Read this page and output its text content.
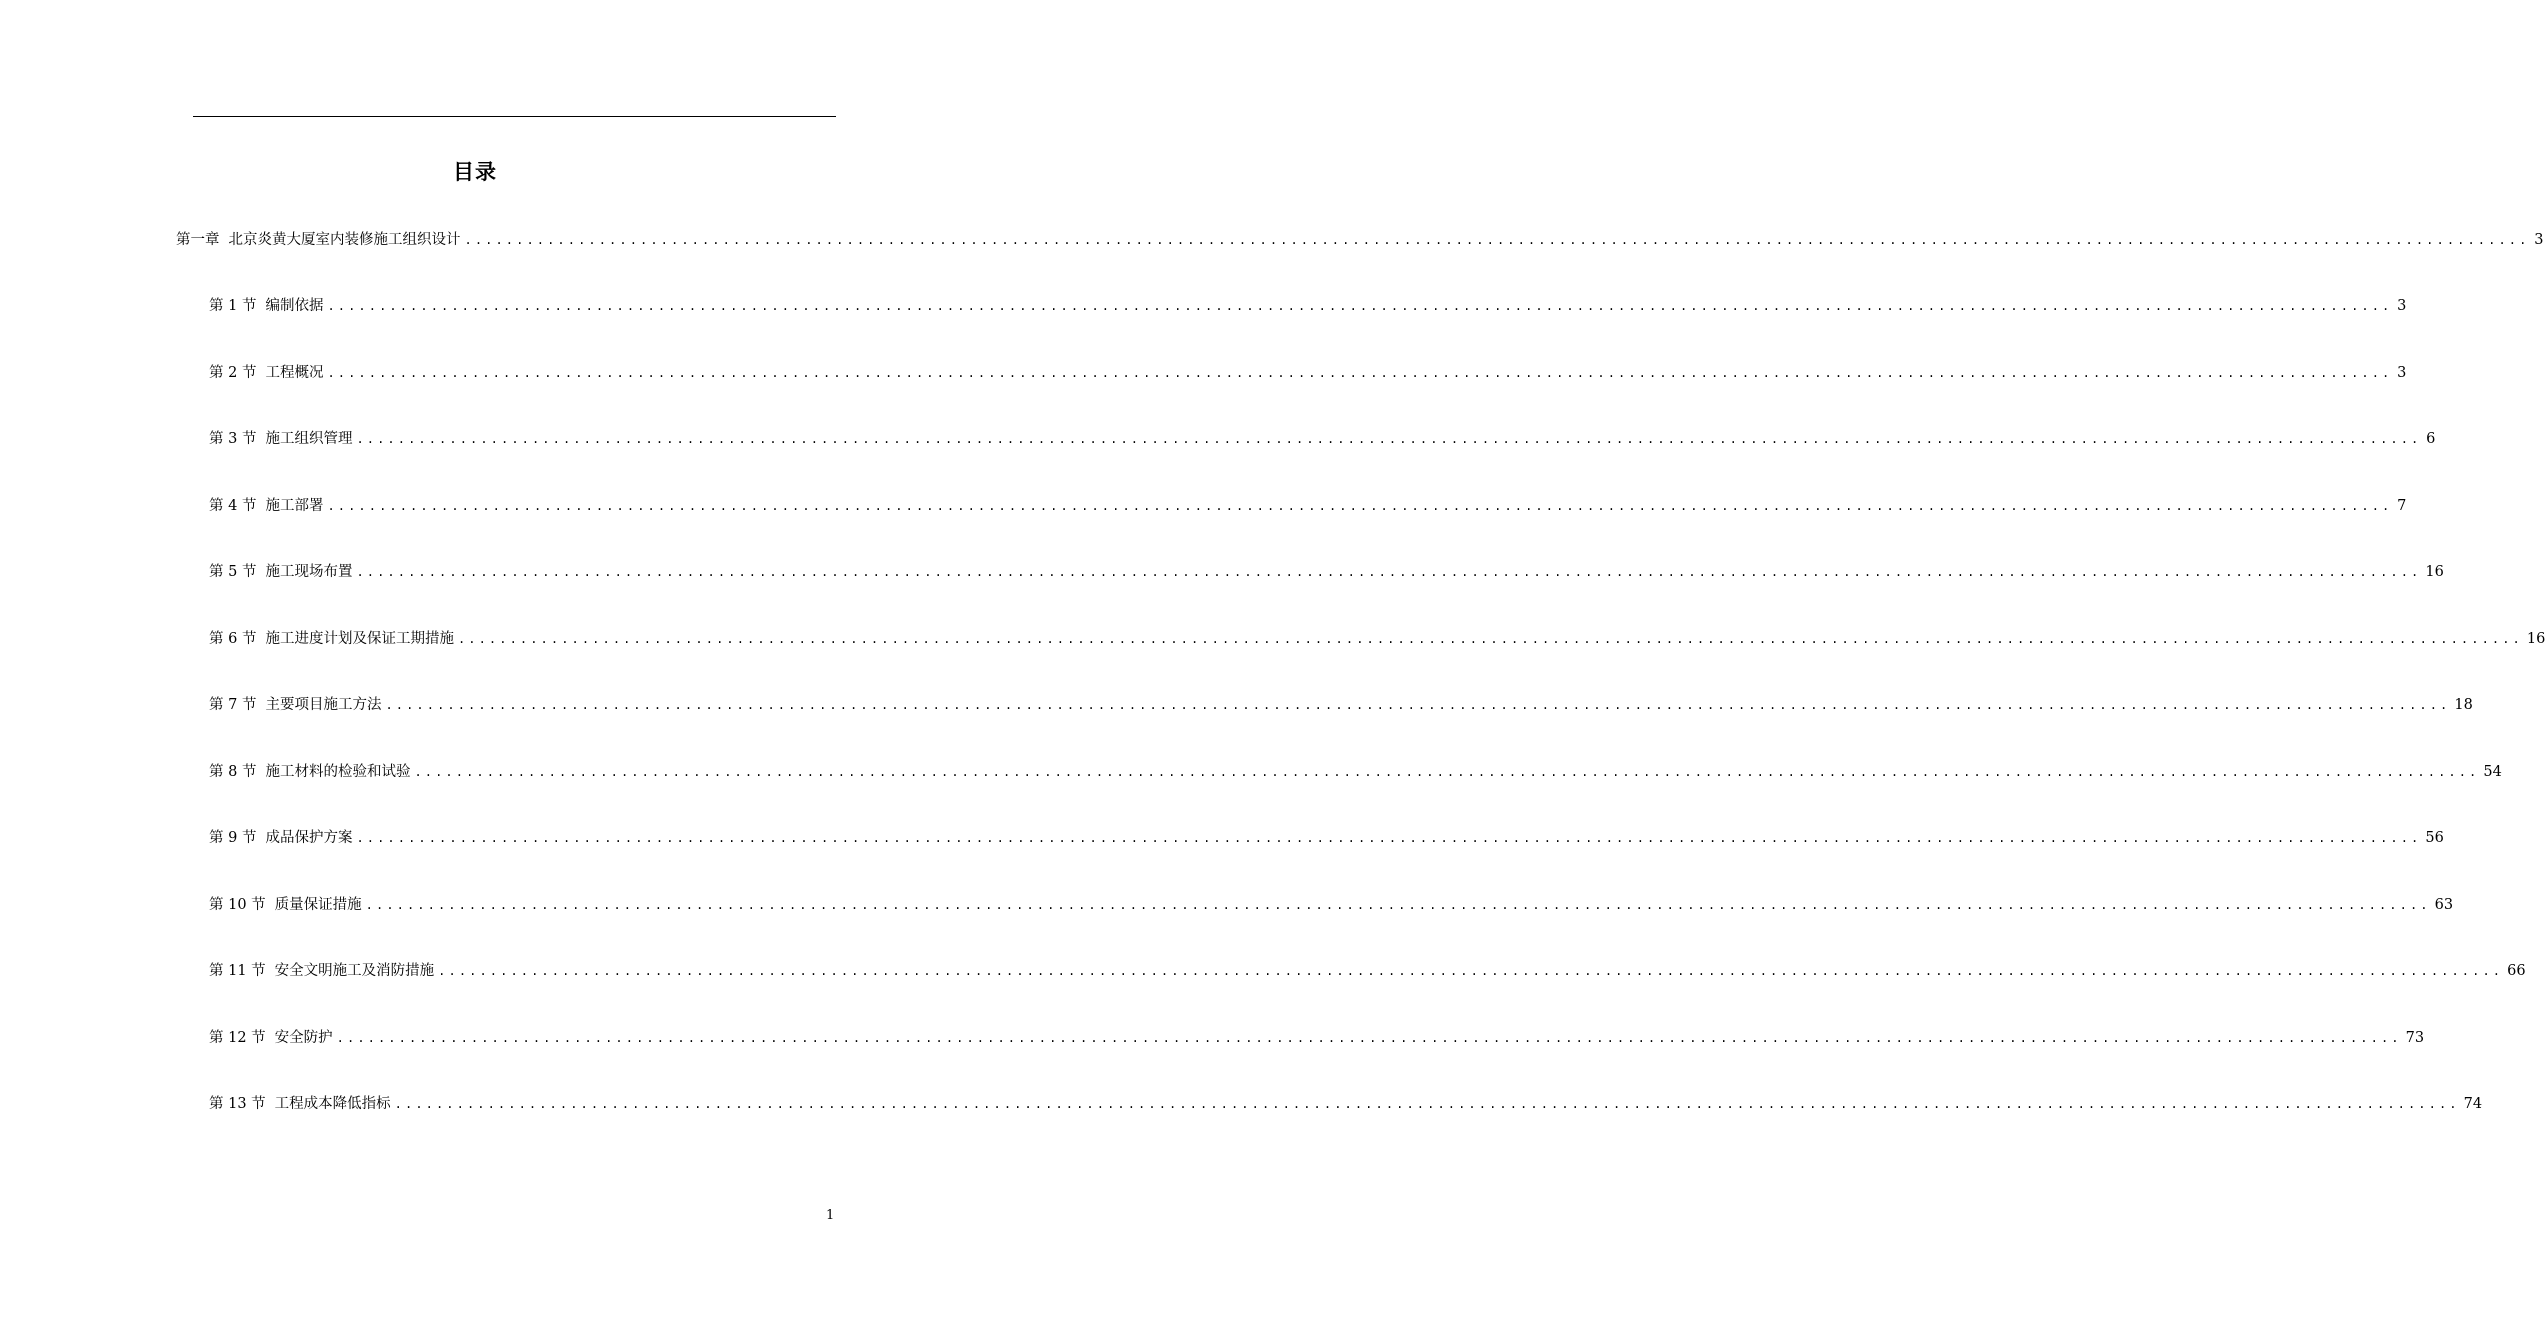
目录
第一章 北京炎黄大厦室内装修施工组织设计 ........................................................................................................................................................................................................ 3
第 1 节 编制依据 ........................................................................................................................................................................................................ 3
第 2 节 工程概况 ........................................................................................................................................................................................................ 3
第 3 节 施工组织管理 ........................................................................................................................................................................................................ 6
第 4 节 施工部署 ........................................................................................................................................................................................................ 7
第 5 节 施工现场布置 ........................................................................................................................................................................................................ 16
第 6 节 施工进度计划及保证工期措施 ........................................................................................................................................................................................................ 16
第 7 节 主要项目施工方法 ........................................................................................................................................................................................................ 18
第 8 节 施工材料的检验和试验 ........................................................................................................................................................................................................ 54
第 9 节 成品保护方案 ........................................................................................................................................................................................................ 56
第 10 节 质量保证措施 ........................................................................................................................................................................................................ 63
第 11 节 安全文明施工及消防措施 ........................................................................................................................................................................................................ 66
第 12 节 安全防护 ........................................................................................................................................................................................................ 73
第 13 节 工程成本降低指标 ........................................................................................................................................................................................................ 74
1
